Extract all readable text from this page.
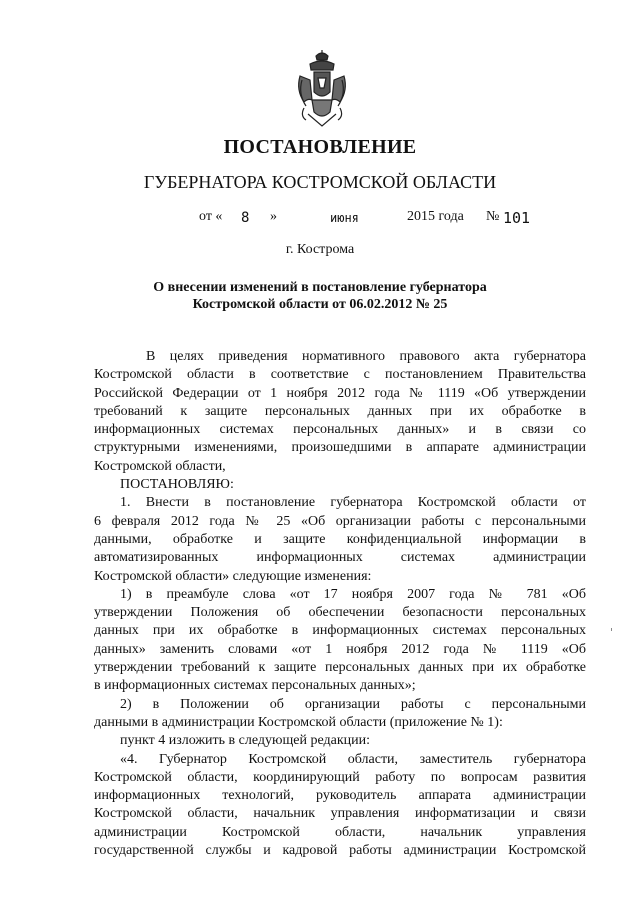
ПОСТАНОВЛЕНИЕ
ГУБЕРНАТОРА КОСТРОМСКОЙ ОБЛАСТИ
от « 8 »	июня	2015 года № 101
г. Кострома
О внесении изменений в постановление губернатора
Костромской области от 06.02.2012 № 25
В целях приведения нормативного правового акта губернатора
Костромской области в соответствие с постановлением Правительства
Российской Федерации от 1 ноября 2012 года № 1119 «Об утверждении
требований к защите персональных данных при их обработке в
информационных системах персональных данных» и в связи со
структурными изменениями, произошедшими в аппарате администрации
Костромской области,
ПОСТАНОВЛЯЮ:
1. Внести в постановление губернатора Костромской области от
6 февраля 2012 года № 25 «Об организации работы с персональными
данными, обработке и защите конфиденциальной информации в
автоматизированных информационных системах администрации
Костромской области» следующие изменения:
1) в преамбуле слова «от 17 ноября 2007 года № 781 «Об
утверждении Положения об обеспечении безопасности персональных
данных при их обработке в информационных системах персональных
данных» заменить словами «от 1 ноября 2012 года № 1119 «Об
утверждении требований к защите персональных данных при их обработке
в информационных системах персональных данных»;
2) в Положении об организации работы с персональными
данными в администрации Костромской области (приложение № 1):
пункт 4 изложить в следующей редакции:
«4. Губернатор Костромской области, заместитель губернатора
Костромской области, координирующий работу по вопросам развития
информационных технологий, руководитель аппарата администрации
Костромской области, начальник управления информатизации и связи
администрации Костромской области, начальник управления
государственной службы и кадровой работы администрации Костромской
